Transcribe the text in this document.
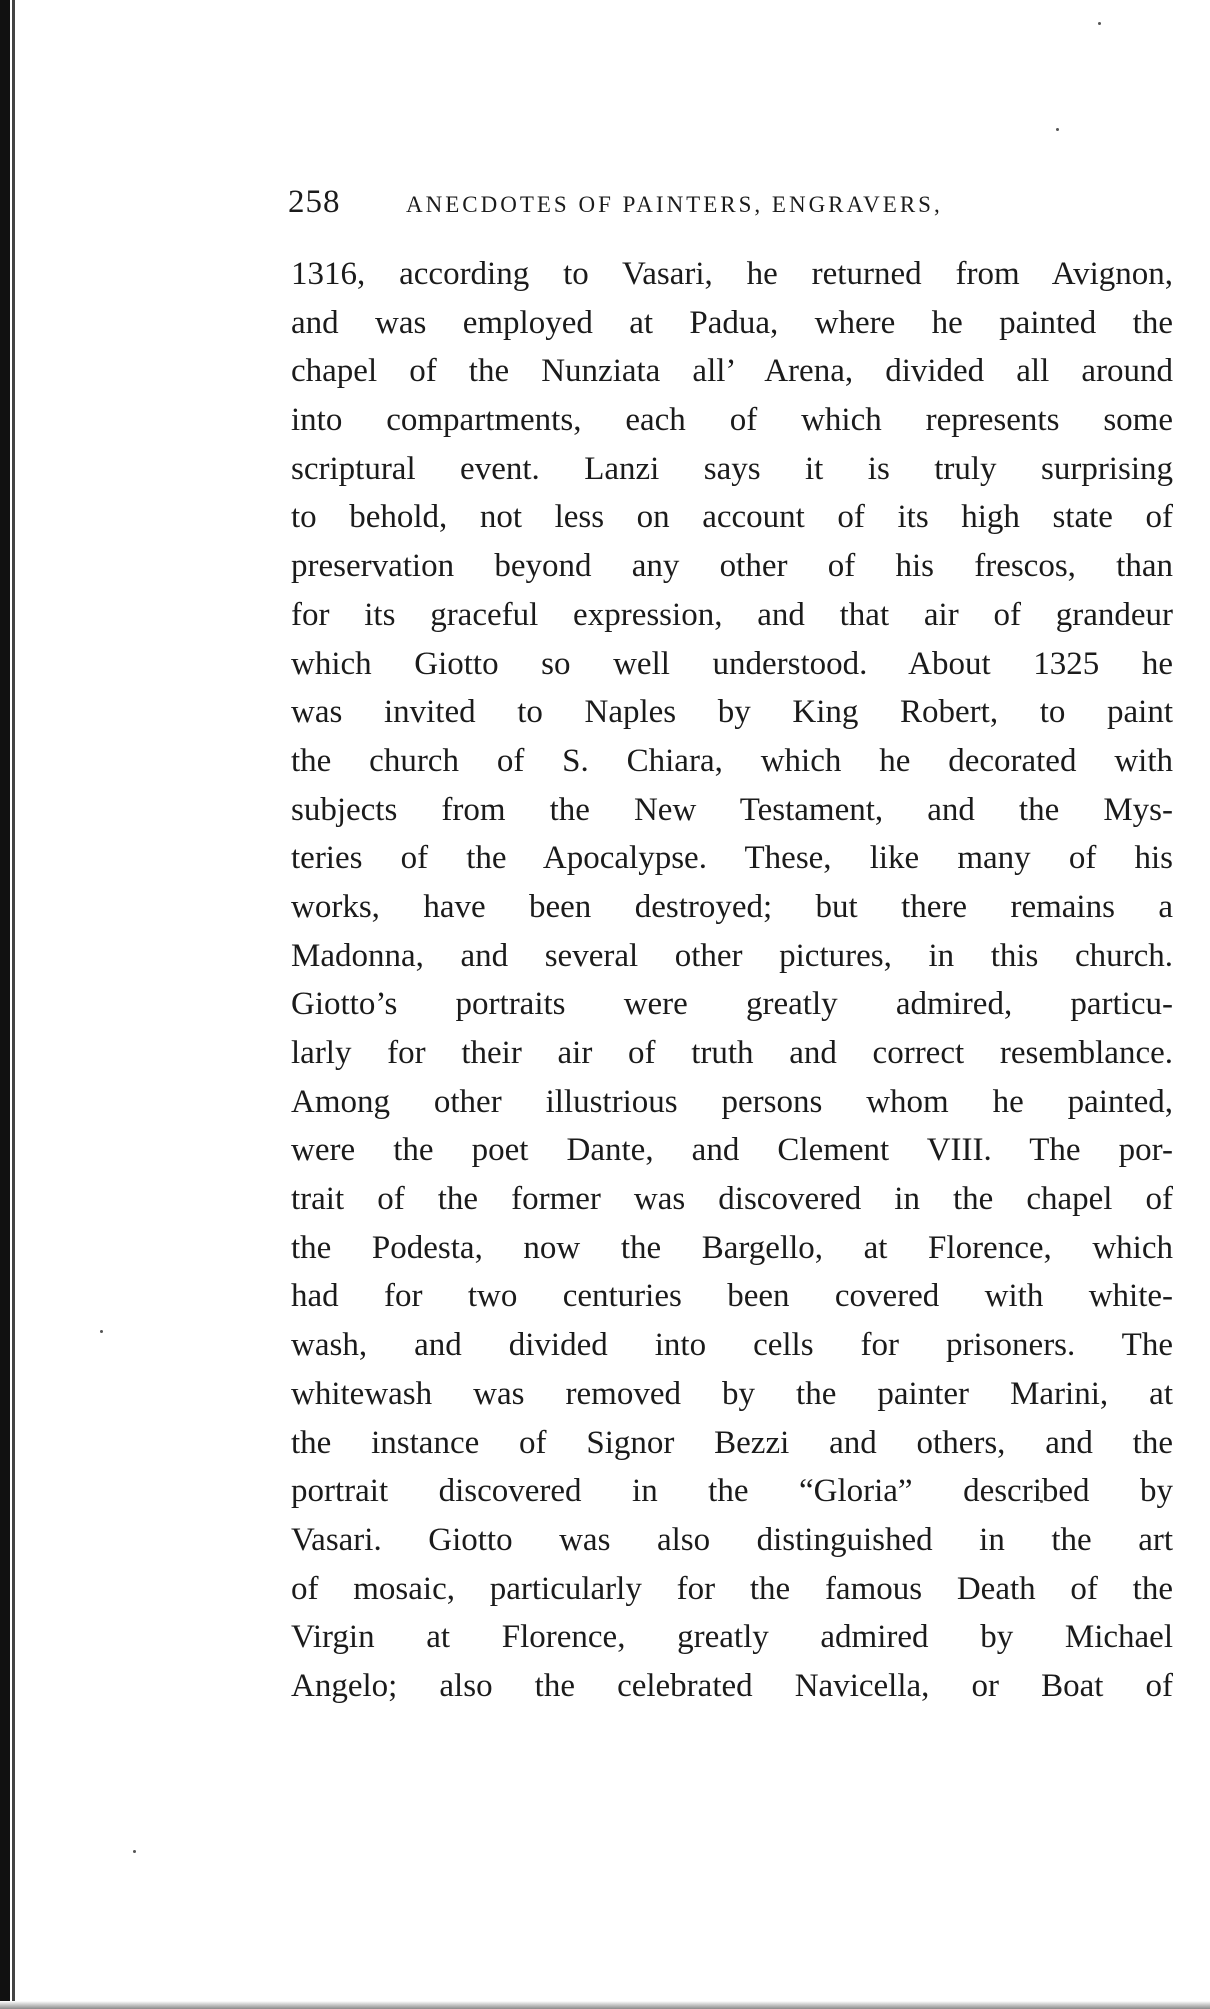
258	ANECDOTES OF PAINTERS, ENGRAVERS,
1316, according to Vasari, he returned from Avignon,
and was employed at Padua, where he painted the
chapel of the Nunziata all’ Arena, divided all around
into compartments, each of which represents some
scriptural event. Lanzi says it is truly surprising
to behold, not less on account of its high state of
preservation beyond any other of his frescos, than
for its graceful expression, and that air of grandeur
which Giotto so well understood. About 1325 he
was invited to Naples by King Robert, to paint
the church of S. Chiara, which he decorated with
subjects from the New Testament, and the Mys-
teries of the Apocalypse. These, like many of his
works, have been destroyed; but there remains a
Madonna, and several other pictures, in this church.
Giotto’s portraits were greatly admired, particu-
larly for their air of truth and correct resemblance.
Among other illustrious persons whom he painted,
were the poet Dante, and Clement VIII. The por-
trait of the former was discovered in the chapel of
the Podesta, now the Bargello, at Florence, which
had for two centuries been covered with white-
wash, and divided into cells for prisoners. The
whitewash was removed by the painter Marini, at
the instance of Signor Bezzi and others, and the
portrait discovered in the “Gloria” described by
Vasari. Giotto was also distinguished in the art
of mosaic, particularly for the famous Death of the
Virgin at Florence, greatly admired by Michael
Angelo; also the celebrated Navicella, or Boat of
